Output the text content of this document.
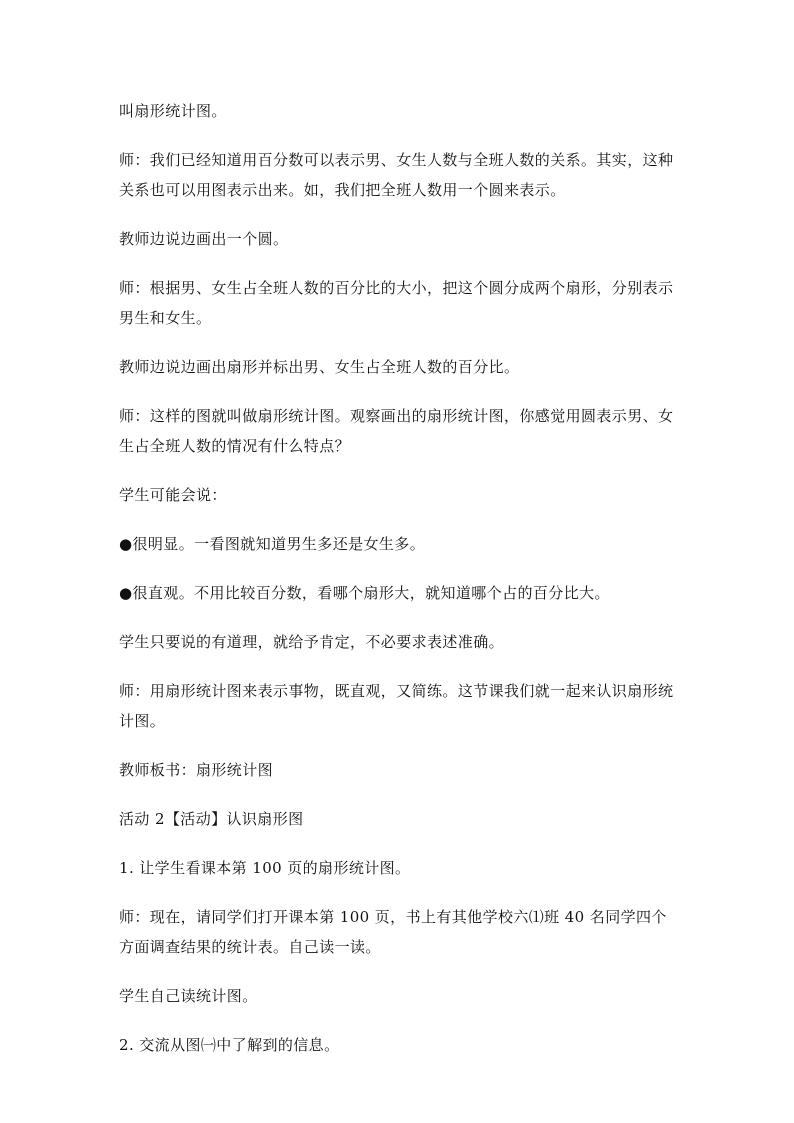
叫扇形统计图。

师：我们已经知道用百分数可以表示男、女生人数与全班人数的关系。其实，这种关系也可以用图表示出来。如，我们把全班人数用一个圆来表示。

教师边说边画出一个圆。

师：根据男、女生占全班人数的百分比的大小，把这个圆分成两个扇形，分别表示男生和女生。

教师边说边画出扇形并标出男、女生占全班人数的百分比。

师：这样的图就叫做扇形统计图。观察画出的扇形统计图，你感觉用圆表示男、女生占全班人数的情况有什么特点？

学生可能会说：

●很明显。一看图就知道男生多还是女生多。

●很直观。不用比较百分数，看哪个扇形大，就知道哪个占的百分比大。

学生只要说的有道理，就给予肯定，不必要求表述准确。

师：用扇形统计图来表示事物，既直观，又简练。这节课我们就一起来认识扇形统计图。

教师板书：扇形统计图

活动 2【活动】认识扇形图

1. 让学生看课本第 100 页的扇形统计图。

师：现在，请同学们打开课本第 100 页，书上有其他学校六⑴班 40 名同学四个方面调查结果的统计表。自己读一读。

学生自己读统计图。

2. 交流从图㈠中了解到的信息。
